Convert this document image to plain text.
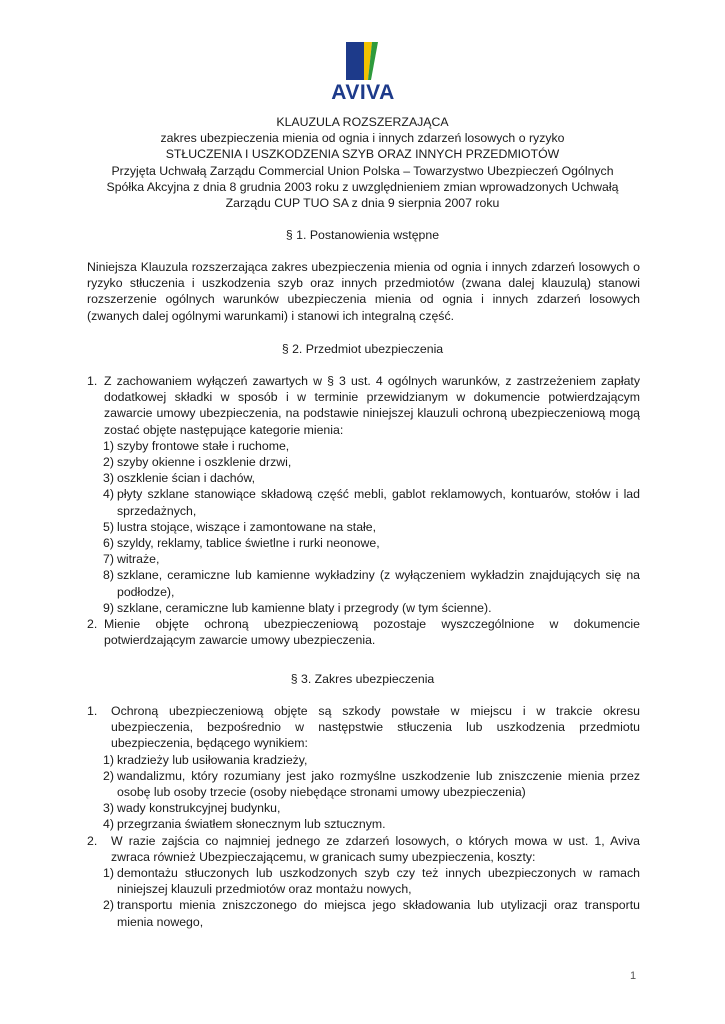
AVIVA
KLAUZULA ROZSZERZAJĄCA
zakres ubezpieczenia mienia od ognia i innych zdarzeń losowych o ryzyko
STŁUCZENIA I USZKODZENIA SZYB ORAZ INNYCH PRZEDMIOTÓW
Przyjęta Uchwałą Zarządu Commercial Union Polska – Towarzystwo Ubezpieczeń Ogólnych
Spółka Akcyjna z dnia 8 grudnia 2003 roku z uwzględnieniem zmian wprowadzonych Uchwałą
Zarządu CUP TUO SA z dnia 9 sierpnia 2007 roku
§ 1. Postanowienia wstępne
Niniejsza Klauzula rozszerzająca zakres ubezpieczenia mienia od ognia i innych zdarzeń losowych o ryzyko stłuczenia i uszkodzenia szyb oraz innych przedmiotów (zwana dalej klauzulą) stanowi rozszerzenie ogólnych warunków ubezpieczenia mienia od ognia i innych zdarzeń losowych (zwanych dalej ogólnymi warunkami) i stanowi ich integralną część.
§ 2. Przedmiot ubezpieczenia
1. Z zachowaniem wyłączeń zawartych w § 3 ust. 4 ogólnych warunków, z zastrzeżeniem zapłaty dodatkowej składki w sposób i w terminie przewidzianym w dokumencie potwierdzającym zawarcie umowy ubezpieczenia, na podstawie niniejszej klauzuli ochroną ubezpieczeniową mogą zostać objęte następujące kategorie mienia:
1) szyby frontowe stałe i ruchome,
2) szyby okienne i oszklenie drzwi,
3) oszklenie ścian i dachów,
4) płyty szklane stanowiące składową część mebli, gablot reklamowych, kontuarów, stołów i lad sprzedażnych,
5) lustra stojące, wiszące i zamontowane na stałe,
6) szyldy, reklamy, tablice świetlne i rurki neonowe,
7) witraże,
8) szklane, ceramiczne lub kamienne wykładziny (z wyłączeniem wykładzin znajdujących się na podłodze),
9) szklane, ceramiczne lub kamienne blaty i przegrody (w tym ścienne).
2. Mienie objęte ochroną ubezpieczeniową pozostaje wyszczególnione w dokumencie potwierdzającym zawarcie umowy ubezpieczenia.
§ 3. Zakres ubezpieczenia
1. Ochroną ubezpieczeniową objęte są szkody powstałe w miejscu i w trakcie okresu ubezpieczenia, bezpośrednio w następstwie stłuczenia lub uszkodzenia przedmiotu ubezpieczenia, będącego wynikiem:
1) kradzieży lub usiłowania kradzieży,
2) wandalizmu, który rozumiany jest jako rozmyślne uszkodzenie lub zniszczenie mienia przez osobę lub osoby trzecie (osoby niebędące stronami umowy ubezpieczenia)
3) wady konstrukcyjnej budynku,
4) przegrzania światłem słonecznym lub sztucznym.
2. W razie zajścia co najmniej jednego ze zdarzeń losowych, o których mowa w ust. 1, Aviva zwraca również Ubezpieczającemu, w granicach sumy ubezpieczenia, koszty:
1) demontażu stłuczonych lub uszkodzonych szyb czy też innych ubezpieczonych w ramach niniejszej klauzuli przedmiotów oraz montażu nowych,
2) transportu mienia zniszczonego do miejsca jego składowania lub utylizacji oraz transportu mienia nowego,
1
